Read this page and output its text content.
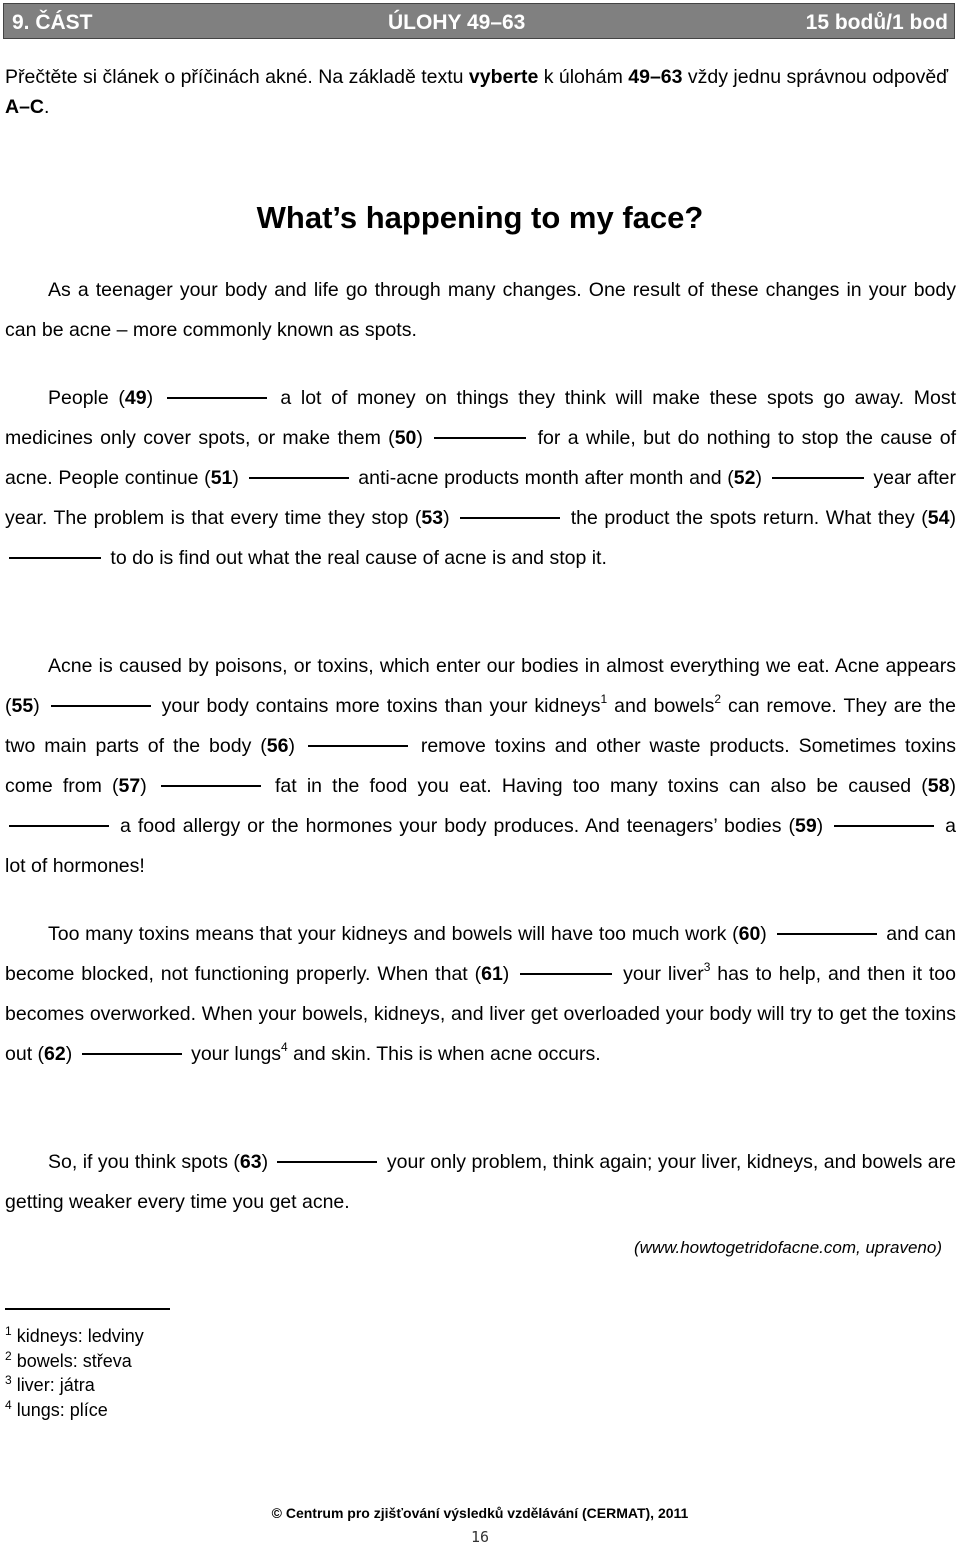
9. ČÁST	ÚLOHY 49–63	15 bodů/1 bod
Přečtěte si článek o příčinách akné. Na základě textu vyberte k úlohám 49–63 vždy jednu správnou odpověď A–C.
What’s happening to my face?
As a teenager your body and life go through many changes. One result of these changes in your body can be acne – more commonly known as spots.
People (49)	a lot of money on things they think will make these spots go away. Most medicines only cover spots, or make them (50)	for a while, but do nothing to stop the cause of acne. People continue (51)	anti-acne products month after month and (52)	year after year. The problem is that every time they stop (53)	the product the spots return. What they (54)  to do is find out what the real cause of acne is and stop it.
Acne is caused by poisons, or toxins, which enter our bodies in almost everything we eat. Acne appears (55)	your body contains more toxins than your kidneys$^1$ and bowels$^2$ can remove. They are the two main parts of the body (56)	remove toxins and other waste products. Sometimes toxins come from (57)	fat in the food you eat. Having too many toxins can also be caused (58)  a food allergy or the hormones your body produces. And teenagers’ bodies (59)	a lot of hormones!
Too many toxins means that your kidneys and bowels will have too much work (60)	and can become blocked, not functioning properly. When that (61)	your liver$^3$ has to help, and then it too becomes overworked. When your bowels, kidneys, and liver get overloaded your body will try to get the toxins out (62)	your lungs$^4$ and skin. This is when acne occurs.
So, if you think spots (63)	your only problem, think again; your liver, kidneys, and bowels are getting weaker every time you get acne.
(www.howtogetridofacne.com, upraveno)
$^1$ kidneys: ledviny
$^2$ bowels: střeva
$^3$ liver: játra
$^4$ lungs: plíce
© Centrum pro zjišťování výsledků vzdělávání (CERMAT), 2011
16
